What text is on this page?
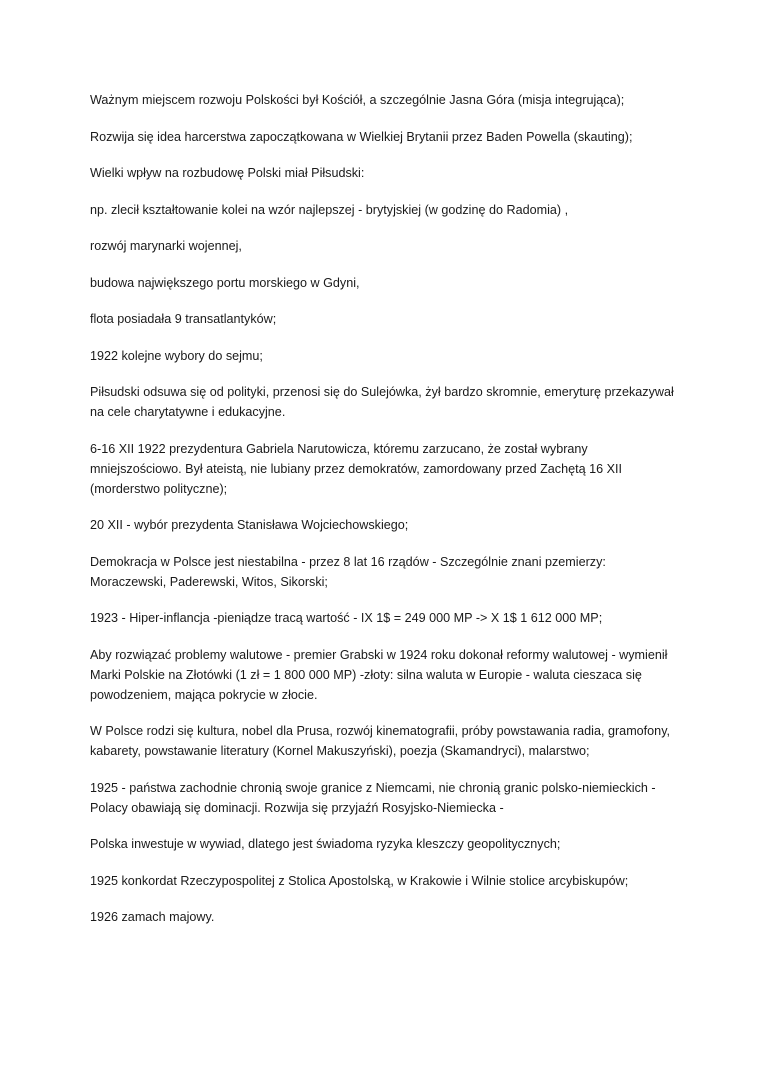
Ważnym miejscem rozwoju Polskości był Kościół, a szczególnie Jasna Góra (misja integrująca);

Rozwija się idea harcerstwa zapoczątkowana w Wielkiej Brytanii przez Baden Powella (skauting);

Wielki wpływ na rozbudowę Polski miał Piłsudski:

np. zlecił kształtowanie kolei na wzór najlepszej - brytyjskiej (w godzinę do Radomia) ,

rozwój marynarki wojennej,

budowa największego portu morskiego w Gdyni,

flota posiadała 9 transatlantyków;

1922 kolejne wybory do sejmu;

Piłsudski odsuwa się od polityki, przenosi się do Sulejówka, żył bardzo skromnie, emeryturę przekazywał na cele charytatywne i edukacyjne.

6-16 XII 1922 prezydentura Gabriela Narutowicza, któremu zarzucano, że został wybrany mniejszościowo. Był ateistą, nie lubiany przez demokratów, zamordowany przed Zachętą 16 XII (morderstwo polityczne);

20 XII - wybór prezydenta Stanisława Wojciechowskiego;

Demokracja w Polsce jest niestabilna - przez 8 lat 16 rządów - Szczególnie znani pzemierzy: Moraczewski, Paderewski, Witos, Sikorski;

1923 - Hiper-inflancja -pieniądze tracą wartość - IX 1$ = 249 000 MP -> X 1$ 1 612 000 MP;

Aby rozwiązać problemy walutowe - premier Grabski w 1924 roku dokonał reformy walutowej - wymienił Marki Polskie na Złotówki (1 zł = 1 800 000 MP) -złoty: silna waluta w Europie - waluta cieszaca się powodzeniem, mająca pokrycie w złocie.

W Polsce rodzi się kultura, nobel dla Prusa, rozwój kinematografii, próby powstawania radia, gramofony, kabarety, powstawanie literatury (Kornel Makuszyński), poezja (Skamandryci), malarstwo;

1925 - państwa zachodnie chronią swoje granice z Niemcami, nie chronią granic polsko-niemieckich - Polacy obawiają się dominacji. Rozwija się przyjaźń Rosyjsko-Niemiecka -

Polska inwestuje w wywiad, dlatego jest świadoma ryzyka kleszczy geopolitycznych;

1925 konkordat Rzeczypospolitej z Stolica Apostolską, w Krakowie i Wilnie stolice arcybiskupów;

1926 zamach majowy.
